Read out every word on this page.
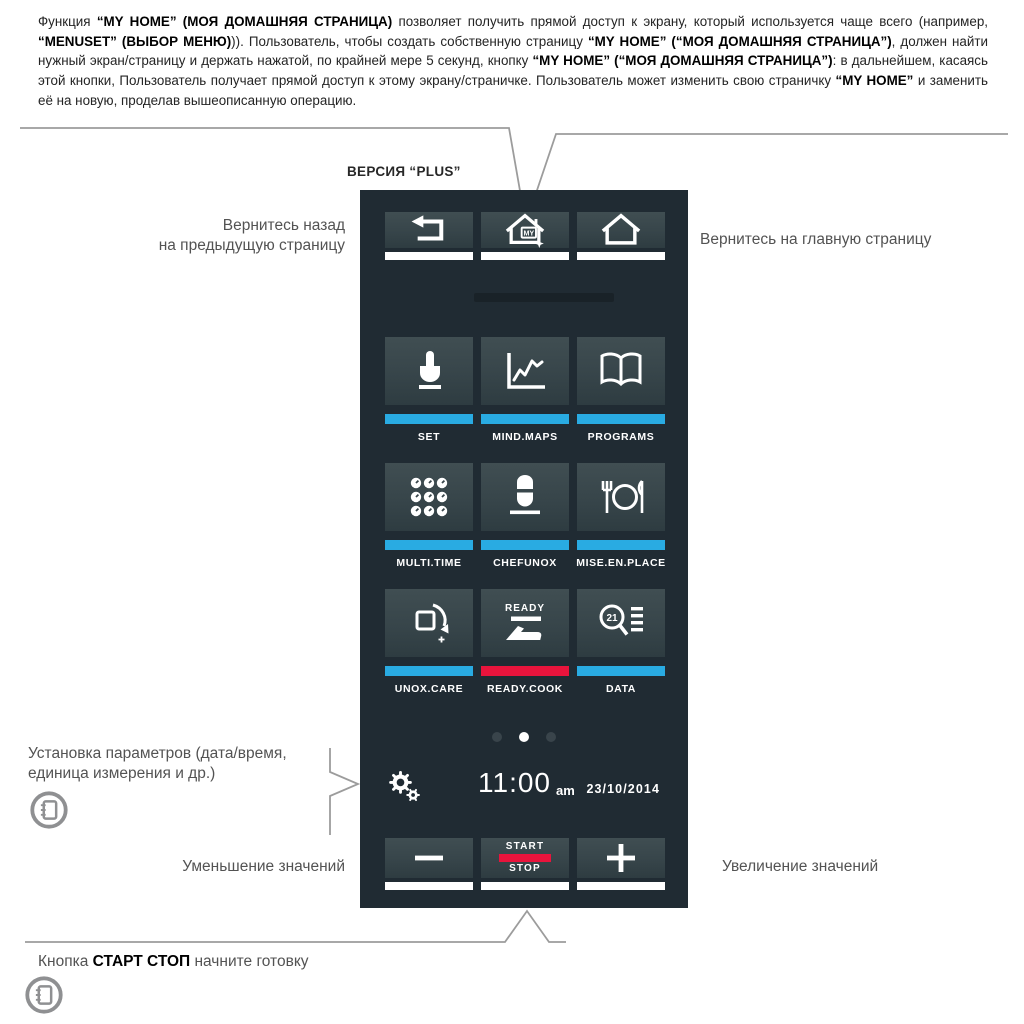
Функция “MY HOME” (МОЯ ДОМАШНЯЯ СТРАНИЦА) позволяет получить прямой доступ к экрану, который используется чаще всего (например, “MENUSET” (ВЫБОР МЕНЮ))). Пользователь, чтобы создать собственную страницу “MY HOME” (“МОЯ ДОМАШНЯЯ СТРАНИЦА”), должен найти нужный экран/страницу и держать нажатой, по крайней мере 5 секунд, кнопку “MY HOME” (“МОЯ ДОМАШНЯЯ СТРАНИЦА”): в дальнейшем, касаясь этой кнопки, Пользователь получает прямой доступ к этому экрану/страничке. Пользователь может изменить свою страничку “MY HOME” и заменить её на новую, проделав вышеописанную операцию.

ВЕРСИЯ “PLUS”
Вернитесь назад
на предыдущую страницу	Вернитесь на главную страницу
Установка параметров (дата/время,
единица измерения и др.)
Уменьшение значений	Увеличение значений
Кнопка СТАРТ СТОП начните готовку
MY
SET	MIND.MAPS	PROGRAMS
MULTI.TIME	CHEFUNOX MISE.EN.PLACE
UNOX.CARE
READY
READY.COOK
21
DATA
11:00 am 23/10/2014
START
STOP
